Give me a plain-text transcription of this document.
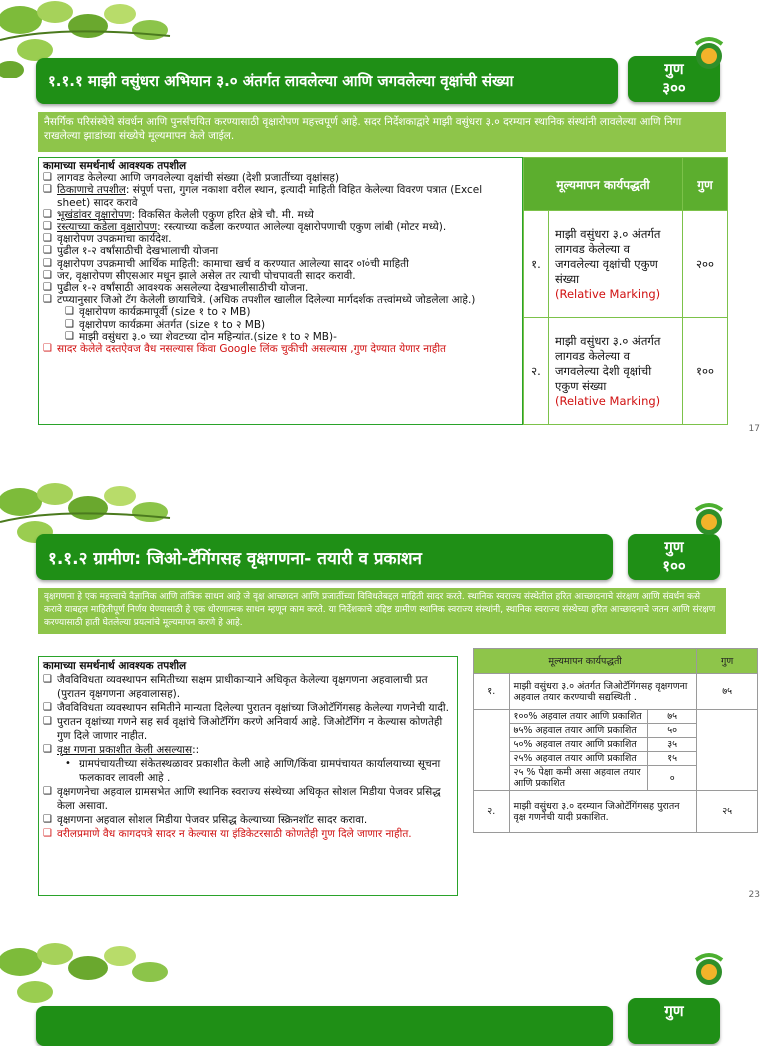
१.१.१ माझी वसुंधरा अभियान ३.० अंतर्गत लावलेल्या आणि जगवलेल्या वृक्षांची संख्या
गुण
३००
नैसर्गिक परिसंस्थेचे संवर्धन आणि पुनर्संचयित करण्यासाठी वृक्षारोपण महत्त्वपूर्ण आहे. सदर निर्देशकाद्वारे माझी वसुंधरा ३.० दरम्यान स्थानिक संस्थांनी लावलेल्या आणि निगा राखलेल्या झाडांच्या संख्येचे मूल्यमापन केले जाईल.
कामाच्या समर्थनार्थ आवश्यक तपशील
❑ लागवड केलेल्या आणि जगवलेल्या वृक्षांची संख्या (देशी प्रजातींच्या वृक्षांसह)
❑ ठिकाणाचे तपशील: संपूर्ण पत्ता, गुगल नकाशा वरील स्थान, इत्यादी माहिती विहित केलेल्या विवरण पत्रात (Excel sheet) सादर करावे
❑ भूखंडांवर वृक्षारोपण: विकसित केलेली एकुण हरित क्षेत्रे चौ. मी. मध्ये
❑ रस्त्याच्या कडेला वृक्षारोपण: रस्त्याच्या कडेला करण्यात आलेल्या वृक्षारोपणाची एकुण लांबी (मोटर मध्ये).
❑ वृक्षारोपण उपक्रमाचा कार्यदेश.
❑ पुढील १-२ वर्षांसाठीची देखभालाची योजना
❑ वृक्षारोपण उपक्रमाची आर्थिक माहिती: कामाचा खर्च व करण्यात आलेल्या सादर ०ा०ंची माहिती
❑ जर, वृक्षारोपण सीएसआर मधून झाले असेल तर त्याची पोचपावती सादर करावी.
❑ पुढील १-२ वर्षांसाठी आवश्यक असलेल्या देखभालीसाठीची योजना.
❑ टप्प्यानुसार जिओ टॅग केलेली छायाचित्रे. (अधिक तपशील खालील दिलेल्या मार्गदर्शक तत्त्वांमध्ये जोडलेला आहे.)
❑ वृक्षारोपण कार्यक्रमापूर्वी (size १ to २ MB)
❑ वृक्षारोपण कार्यक्रमा अंतर्गत (size १ to २ MB)
❑ माझी वसुंधरा ३.० च्या शेवटच्या दोन महिन्यांत.(size १ to २ MB)-
❑ सादर केलेले दस्तऐवज वैध नसल्यास किंवा Google लिंक चुकीची असल्यास ,गुण देण्यात येणार नाहीत
मूल्यमापन कार्यपद्धती		गुण
१.	माझी वसुंधरा ३.० अंतर्गत लागवड केलेल्या व जगवलेल्या वृक्षांची एकुण संख्या
(Relative Marking)	२००
२.	माझी वसुंधरा ३.० अंतर्गत लागवड केलेल्या व जगवलेल्या देशी वृक्षांची एकुण संख्या
(Relative Marking)	१००
17
१.१.२ ग्रामीण: जिओ-टॅगिंगसह वृक्षगणना- तयारी व प्रकाशन
गुण
१००
वृक्षगणना हे एक महत्त्वाचे वैज्ञानिक आणि तांत्रिक साधन आहे जे वृक्ष आच्छादन आणि प्रजातींच्या विविधतेबद्दल माहिती सादर करते. स्थानिक स्वराज्य संस्थेतील हरित आच्छादनाचे संरक्षण आणि संवर्धन कसे करावे याबद्दल माहितीपूर्ण निर्णय घेण्यासाठी हे एक धोरणात्मक साधन म्हणून काम करते. या निर्देशकाचे उद्दिष्ट ग्रामीण स्थानिक स्वराज्य संस्थांनी, स्थानिक स्वराज्य संस्थेच्या हरित आच्छादनाचे जतन आणि संरक्षण करण्यासाठी हाती घेतलेल्या प्रयत्नांचे मूल्यमापन करणे हे आहे.
कामाच्या समर्थनार्थ आवश्यक तपशील
❑ जैवविविधता व्यवस्थापन समितीच्या सक्षम प्राधीकाऱ्याने अधिकृत केलेल्या वृक्षगणना अहवालाची प्रत (पुरातन वृक्षगणना अहवालासह).
❑ जैवविविधता व्यवस्थापन समितीने मान्यता दिलेल्या पुरातन वृक्षांच्या जिओटॅगिंगसह केलेल्या गणनेची यादी.
❑ पुरातन वृक्षांच्या गणने सह सर्व वृक्षांचे जिओटॅगिंग करणे अनिवार्य आहे. जिओटॅगिंग न केल्यास कोणतेही गुण दिले जाणार नाहीत.
❑ वृक्ष गणना प्रकाशीत केली असल्यास::
• ग्रामपंचायतीच्या संकेतस्थळावर प्रकाशीत केली आहे आणि/किंवा ग्रामपंचायत कार्यालयाच्या सूचना फलकावर लावली आहे .
❑ वृक्षगणनेचा अहवाल ग्रामसभेत आणि स्थानिक स्वराज्य संस्थेच्या अधिकृत सोशल मिडीया पेजवर प्रसिद्ध केला असावा.
❑ वृक्षगणना अहवाल सोशल मिडीया पेजवर प्रसिद्ध केल्याच्या स्क्रिनशॉट सादर करावा.
❑ वरीलप्रमाणे वैध कागदपत्रे सादर न केल्यास या इंडिकेटरसाठी कोणतेही गुण दिले जाणार नाहीत.
मूल्यमापन कार्यपद्धती			गुण
१.	माझी वसुंधरा ३.० अंतर्गत जिओटॅगिंगसह वृक्षगणना अहवाल तयार करण्याची सद्यस्थिती .		७५
	१००% अहवाल तयार आणि प्रकाशित	७५	
	७५% अहवाल तयार आणि प्रकाशित	५०	
	५०% अहवाल तयार आणि प्रकाशित	३५	
	२५% अहवाल तयार आणि प्रकाशित	१५	
	२५ % पेक्षा कमी असा अहवाल तयार आणि प्रकाशित	०	
२.	माझी वसुंधरा ३.० दरम्यान जिओटॅगिंगसह पुरातन वृक्ष गणनेची यादी प्रकाशित.		२५
23
गुण
